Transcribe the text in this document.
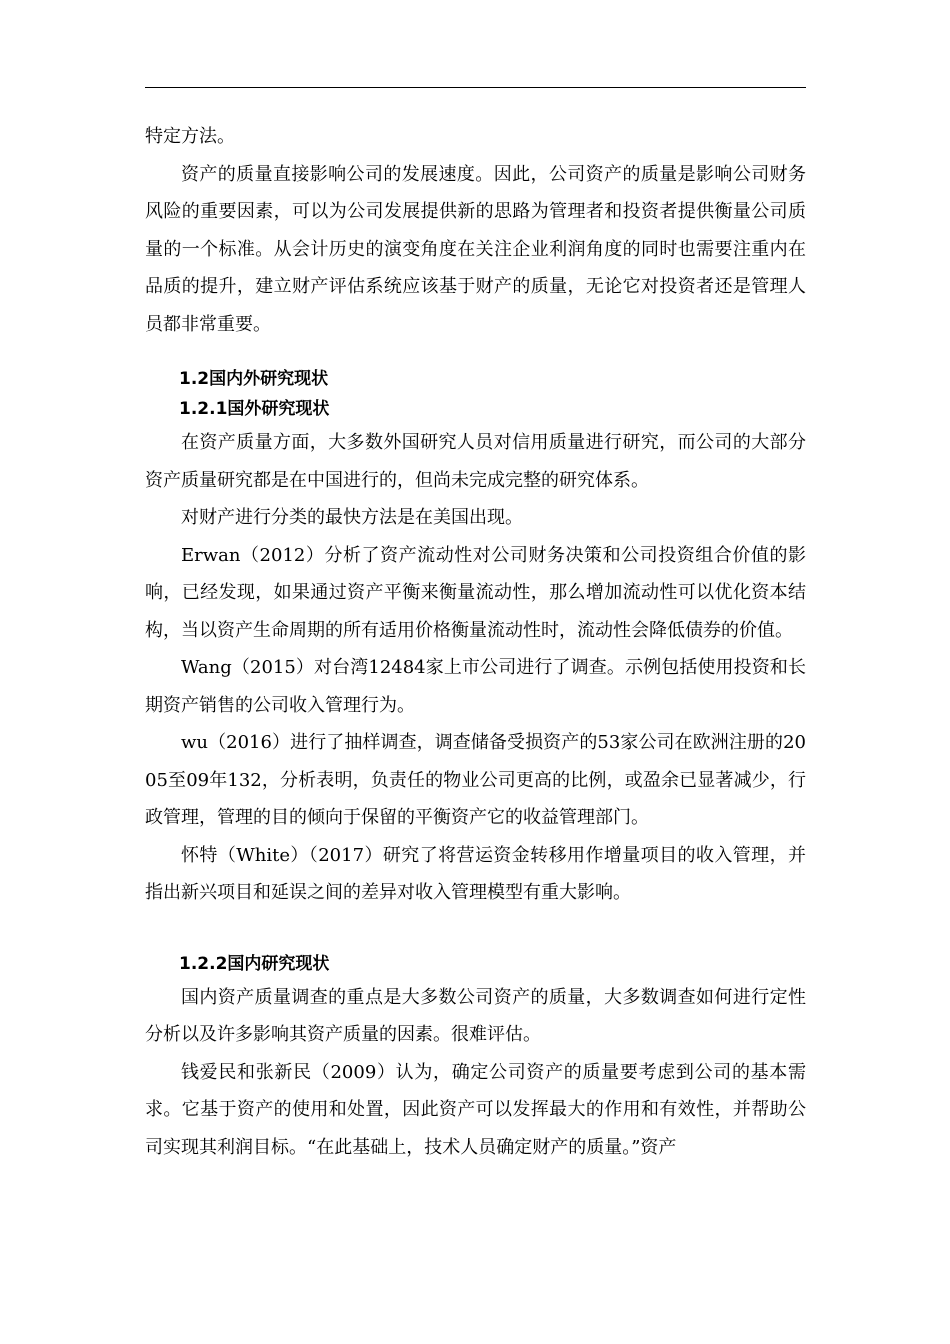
特定方法。

资产的质量直接影响公司的发展速度。因此，公司资产的质量是影响公司财务风险的重要因素，可以为公司发展提供新的思路为管理者和投资者提供衡量公司质量的一个标准。从会计历史的演变角度在关注企业利润角度的同时也需要注重内在品质的提升，建立财产评估系统应该基于财产的质量，无论它对投资者还是管理人员都非常重要。

1.2国内外研究现状
1.2.1国外研究现状

在资产质量方面，大多数外国研究人员对信用质量进行研究，而公司的大部分资产质量研究都是在中国进行的，但尚未完成完整的研究体系。

对财产进行分类的最快方法是在美国出现。

Erwan（2012）分析了资产流动性对公司财务决策和公司投资组合价值的影响，已经发现，如果通过资产平衡来衡量流动性，那么增加流动性可以优化资本结构，当以资产生命周期的所有适用价格衡量流动性时，流动性会降低债券的价值。

Wang（2015）对台湾12484家上市公司进行了调查。示例包括使用投资和长期资产销售的公司收入管理行为。

wu（2016）进行了抽样调查，调查储备受损资产的53家公司在欧洲注册的2005至09年132，分析表明，负责任的物业公司更高的比例，或盈余已显著减少，行政管理，管理的目的倾向于保留的平衡资产它的收益管理部门。

怀特（White）（2017）研究了将营运资金转移用作增量项目的收入管理，并指出新兴项目和延误之间的差异对收入管理模型有重大影响。

1.2.2国内研究现状

国内资产质量调查的重点是大多数公司资产的质量，大多数调查如何进行定性分析以及许多影响其资产质量的因素。很难评估。

钱爱民和张新民（2009）认为，确定公司资产的质量要考虑到公司的基本需求。它基于资产的使用和处置，因此资产可以发挥最大的作用和有效性，并帮助公司实现其利润目标。“在此基础上，技术人员确定财产的质量。”资产
